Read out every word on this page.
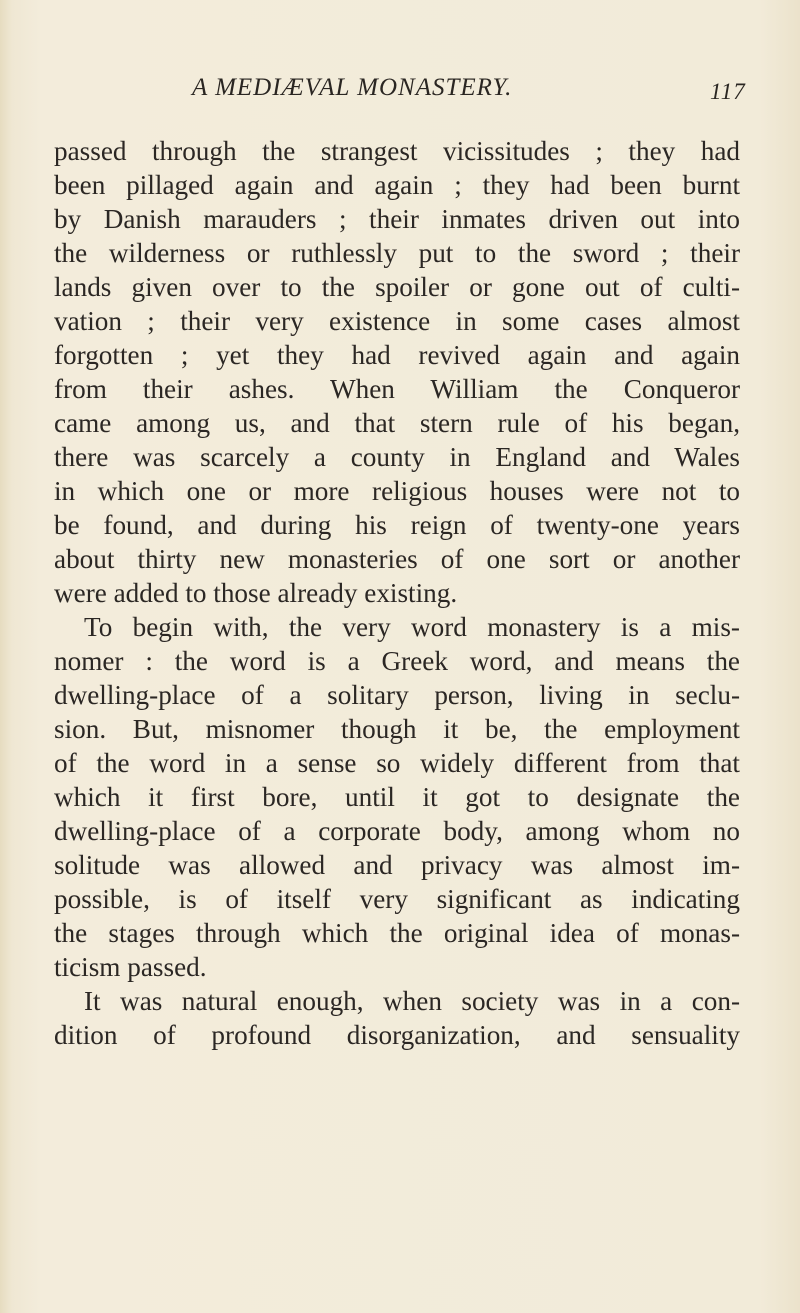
A MEDIÆVAL MONASTERY.	117
passed through the strangest vicissitudes ; they had
been pillaged again and again ; they had been burnt
by Danish marauders ; their inmates driven out into
the wilderness or ruthlessly put to the sword ; their
lands given over to the spoiler or gone out of culti-
vation ; their very existence in some cases almost
forgotten ; yet they had revived again and again
from their ashes. When William the Conqueror
came among us, and that stern rule of his began,
there was scarcely a county in England and Wales
in which one or more religious houses were not to
be found, and during his reign of twenty-one years
about thirty new monasteries of one sort or another
were added to those already existing.
To begin with, the very word monastery is a mis-
nomer : the word is a Greek word, and means the
dwelling-place of a solitary person, living in seclu-
sion. But, misnomer though it be, the employment
of the word in a sense so widely different from that
which it first bore, until it got to designate the
dwelling-place of a corporate body, among whom no
solitude was allowed and privacy was almost im-
possible, is of itself very significant as indicating
the stages through which the original idea of monas-
ticism passed.
It was natural enough, when society was in a con-
dition of profound disorganization, and sensuality
